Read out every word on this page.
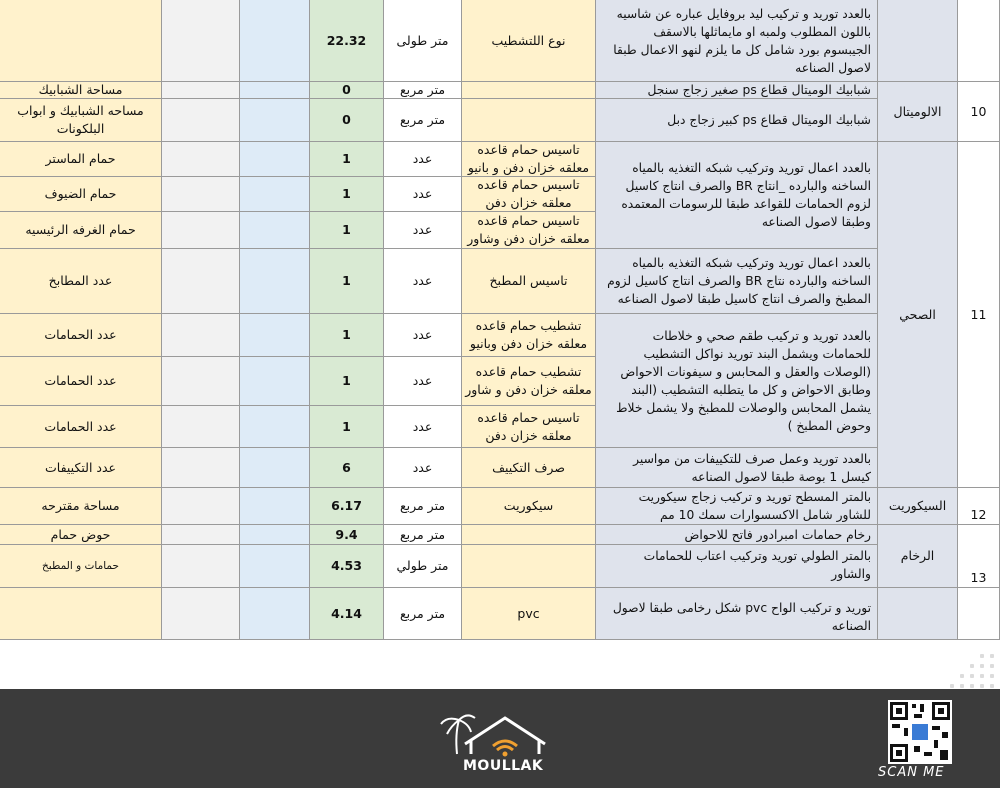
بالعدد توريد و تركيب ليد بروفايل عباره عن شاسيه باللون المطلوب ولمبه او مايماثلها بالاسقف الجيبسوم بورد شامل كل ما يلزم لنهو الاعمال طبقا لاصول الصناعه
نوع اللتشطيب
متر طولى
22.32
10
الالوميتال
شبابيك الوميتال قطاع ps صغير زجاج سنجل
متر مربع
0
مساحة الشبابيك
شبابيك الوميتال قطاع ps كبير زجاج دبل
متر مربع
0
مساحه الشبابيك و ابواب البلكونات
11
الصحي
بالعدد اعمال توريد وتركيب شبكه التغذيه بالمياه الساخنه والبارده _انتاج BR والصرف انتاج كاسيل لزوم الحمامات للقواعد طبقا للرسومات المعتمده وطبقا لاصول الصناعه
بالعدد اعمال توريد وتركيب شبكه التغذيه بالمياه الساخنه والبارده نتاج BR والصرف انتاج كاسيل لزوم المطبخ والصرف انتاج كاسيل طبقا لاصول الصناعه
بالعدد توريد و تركيب طقم صحي و خلاطات للحمامات ويشمل البند توريد نواكل التشطيب (الوصلات والعقل و المحابس و سيفونات الاحواض وطابق الاحواض و كل ما يتطلبه التشطيب (البند يشمل المحابس والوصلات للمطبخ ولا يشمل خلاط وحوض المطبخ )
بالعدد توريد وعمل صرف للتكييفات من مواسير كيسل 1 بوصة طبقا لاصول الصناعه
تاسيس حمام قاعده معلقه خزان دفن و بانيو
عدد
1
حمام الماستر
تاسيس حمام قاعده معلقه خزان دفن
عدد
1
حمام الضيوف
تاسيس حمام قاعده معلقه خزان دفن وشاور
عدد
1
حمام الغرفه الرئيسيه
تاسيس المطبخ
عدد
1
عدد المطابخ
تشطيب حمام قاعده معلقه خزان دفن وبانيو
عدد
1
عدد الحمامات
تشطيب حمام قاعده معلقه خزان دفن و شاور
عدد
1
عدد الحمامات
تاسيس حمام قاعده معلقه خزان دفن
عدد
1
عدد الحمامات
صرف التكييف
عدد
6
عدد التكييفات
12
السيكوريت
بالمتر المسطح توريد و تركيب زجاج سيكوريت للشاور شامل الاكسسوارات سمك 10 مم
سيكوريت
متر مربع
6.17
مساحة مقترحه
13
الرخام
رخام حمامات امبرادور فاتح للاحواض
متر مربع
9.4
حوض حمام
بالمتر الطولي توريد وتركيب اعتاب للحمامات والشاور
متر طولي
4.53
حمامات و المطبخ
توريد و تركيب الواح pvc شكل رخامى طبقا لاصول الصناعه
pvc
متر مربع
4.14
MOULLAK	SCAN ME
